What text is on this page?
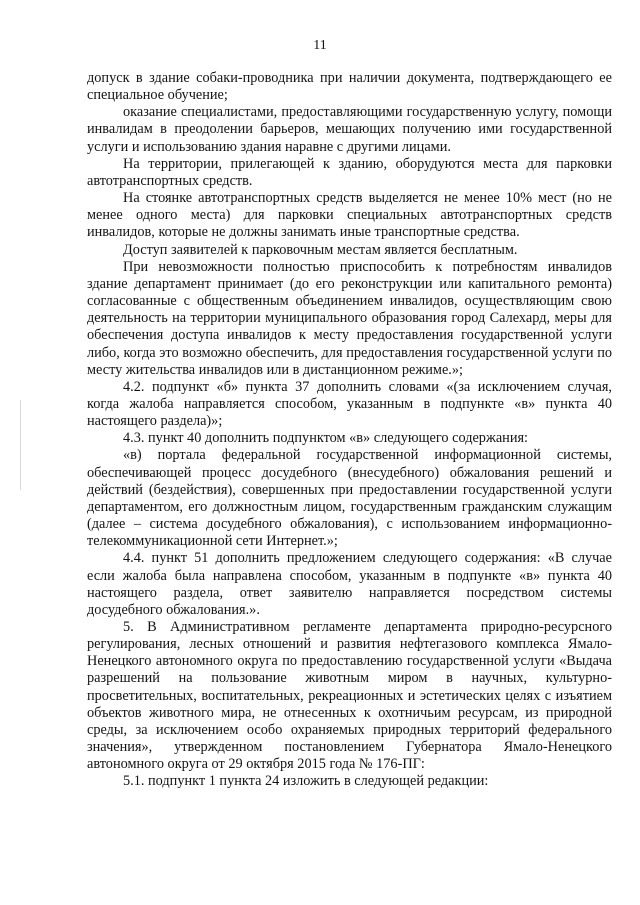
11

допуск в здание собаки-проводника при наличии документа, подтверждающего ее специальное обучение;

оказание специалистами, предоставляющими государственную услугу, помощи инвалидам в преодолении барьеров, мешающих получению ими государственной услуги и использованию здания наравне с другими лицами.

На территории, прилегающей к зданию, оборудуются места для парковки автотранспортных средств.

На стоянке автотранспортных средств выделяется не менее 10% мест (но не менее одного места) для парковки специальных автотранспортных средств инвалидов, которые не должны занимать иные транспортные средства.

Доступ заявителей к парковочным местам является бесплатным.

При невозможности полностью приспособить к потребностям инвалидов здание департамент принимает (до его реконструкции или капитального ремонта) согласованные с общественным объединением инвалидов, осуществляющим свою деятельность на территории муниципального образования город Салехард, меры для обеспечения доступа инвалидов к месту предоставления государственной услуги либо, когда это возможно обеспечить, для предоставления государственной услуги по месту жительства инвалидов или в дистанционном режиме.»;

4.2. подпункт «б» пункта 37 дополнить словами «(за исключением случая, когда жалоба направляется способом, указанным в подпункте «в» пункта 40 настоящего раздела)»;

4.3. пункт 40 дополнить подпунктом «в» следующего содержания:

«в) портала федеральной государственной информационной системы, обеспечивающей процесс досудебного (внесудебного) обжалования решений и действий (бездействия), совершенных при предоставлении государственной услуги департаментом, его должностным лицом, государственным гражданским служащим (далее – система досудебного обжалования), с использованием информационно-телекоммуникационной сети Интернет.»;

4.4. пункт 51 дополнить предложением следующего содержания: «В случае если жалоба была направлена способом, указанным в подпункте «в» пункта 40 настоящего раздела, ответ заявителю направляется посредством системы досудебного обжалования.».

5. В Административном регламенте департамента природно-ресурсного регулирования, лесных отношений и развития нефтегазового комплекса Ямало-Ненецкого автономного округа по предоставлению государственной услуги «Выдача разрешений на пользование животным миром в научных, культурно-просветительных, воспитательных, рекреационных и эстетических целях с изъятием объектов животного мира, не отнесенных к охотничьим ресурсам, из природной среды, за исключением особо охраняемых природных территорий федерального значения», утвержденном постановлением Губернатора Ямало-Ненецкого автономного округа от 29 октября 2015 года № 176-ПГ:

5.1. подпункт 1 пункта 24 изложить в следующей редакции:
